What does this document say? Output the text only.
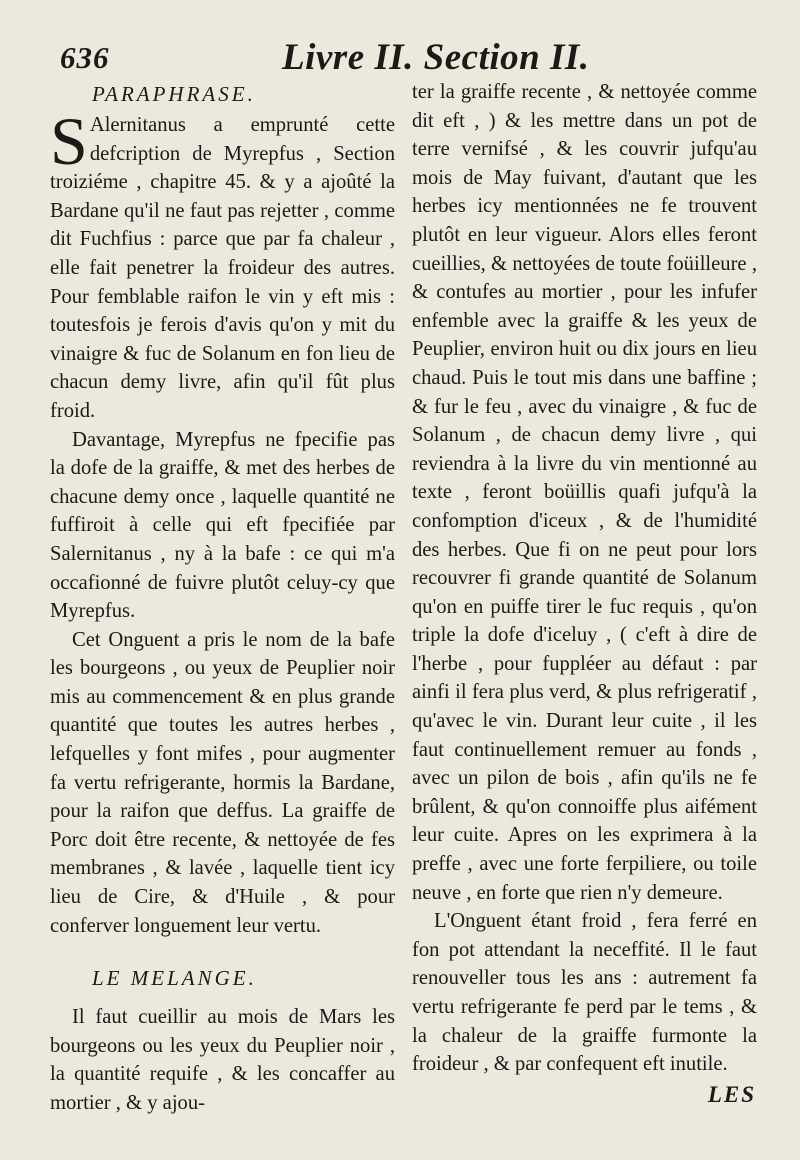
636	Livre II. Section II.
PARAPHRASE.

S Alernitanus a emprunté cette defcription de Myrepfus , Section troiziéme , chapitre 45. & y a ajoûté la Bardane qu'il ne faut pas rejetter , comme dit Fuchfius : parce que par fa chaleur , elle fait penetrer la froideur des autres. Pour femblable raifon le vin y eft mis : toutesfois je ferois d'avis qu'on y mit du vinaigre & fuc de Solanum en fon lieu de chacun demy livre, afin qu'il fût plus froid.

Davantage, Myrepfus ne fpecifie pas la dofe de la graiffe, & met des herbes de chacune demy once , laquelle quantité ne fuffiroit à celle qui eft fpecifiée par Salernitanus , ny à la bafe : ce qui m'a occafionné de fuivre plutôt celuy-cy que Myrepfus.

Cet Onguent a pris le nom de la bafe les bourgeons , ou yeux de Peuplier noir mis au commencement & en plus grande quantité que toutes les autres herbes , lefquelles y font mifes , pour augmenter fa vertu refrigerante, hormis la Bardane, pour la raifon que deffus. La graiffe de Porc doit être recente, & nettoyée de fes membranes , & lavée , laquelle tient icy lieu de Cire, & d'Huile , & pour conferver longuement leur vertu.

LE MELANGE.

Il faut cueillir au mois de Mars les bourgeons ou les yeux du Peuplier noir , la quantité requife , & les concaffer au mortier , & y ajou-

ter la graiffe recente , & nettoyée comme dit eft , ) & les mettre dans un pot de terre vernifsé , & les couvrir jufqu'au mois de May fuivant, d'autant que les herbes icy mentionnées ne fe trouvent plutôt en leur vigueur. Alors elles feront cueillies, & nettoyées de toute foüilleure , & contufes au mortier , pour les infufer enfemble avec la graiffe & les yeux de Peuplier, environ huit ou dix jours en lieu chaud. Puis le tout mis dans une baffine ; & fur le feu , avec du vinaigre , & fuc de Solanum , de chacun demy livre , qui reviendra à la livre du vin mentionné au texte , feront boüillis quafi jufqu'à la confomption d'iceux , & de l'humidité des herbes. Que fi on ne peut pour lors recouvrer fi grande quantité de Solanum qu'on en puiffe tirer le fuc requis , qu'on triple la dofe d'iceluy , ( c'eft à dire de l'herbe , pour fuppléer au défaut : par ainfi il fera plus verd, & plus refrigeratif , qu'avec le vin. Durant leur cuite , il les faut continuellement remuer au fonds , avec un pilon de bois , afin qu'ils ne fe brûlent, & qu'on connoiffe plus aifément leur cuite. Apres on les exprimera à la preffe , avec une forte ferpiliere, ou toile neuve , en forte que rien n'y demeure.

L'Onguent étant froid , fera ferré en fon pot attendant la neceffité. Il le faut renouveller tous les ans : autrement fa vertu refrigerante fe perd par le tems , & la chaleur de la graiffe furmonte la froideur , & par confequent eft inutile.

LES
